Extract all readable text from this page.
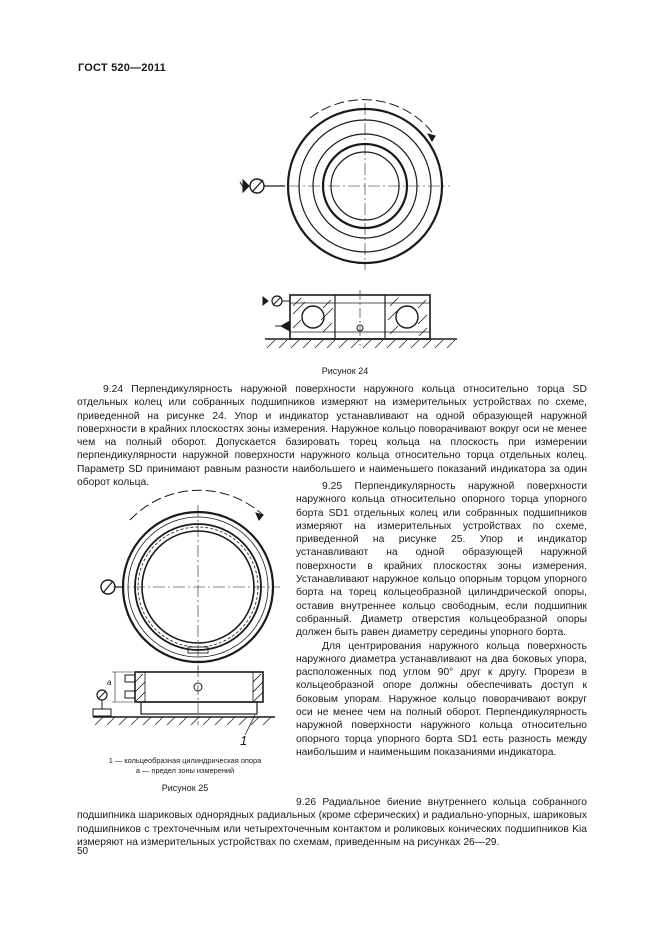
ГОСТ 520—2011
Рисунок 24
9.24 Перпендикулярность наружной поверхности наружного кольца относительно торца SD отдельных колец или собранных подшипников измеряют на измерительных устройствах по схеме, приведенной на рисунке 24. Упор и индикатор устанавливают на одной образующей наружной поверхности в крайних плоскостях зоны измерения. Наружное кольцо поворачивают вокруг оси не менее чем на полный оборот. Допускается базировать торец кольца на плоскость при измерении перпендикулярности наружной поверхности наружного кольца относительно торца отдельных колец. Параметр SD принимают равным разности наибольшего и наименьшего показаний индикатора за один оборот кольца.
a
1
1 — кольцеобразная цилиндрическая опора
a — предел зоны измерений
Рисунок 25

9.25 Перпендикулярность наружной поверхности наружного кольца относительно опорного торца упорного борта SD1 отдельных колец или собранных подшипников измеряют на измерительных устройствах по схеме, приведенной на рисунке 25. Упор и индикатор устанавливают на одной образующей наружной поверхности в крайних плоскостях зоны измерения. Устанавливают наружное кольцо опорным торцом упорного борта на торец кольцеобразной цилиндрической опоры, оставив внутреннее кольцо свободным, если подшипник собранный. Диаметр отверстия кольцеобразной опоры должен быть равен диаметру середины упорного борта.

Для центрирования наружного кольца поверхность наружного диаметра устанавливают на два боковых упора, расположенных под углом 90° друг к другу. Прорези в кольцеобразной опоре должны обеспечивать доступ к боковым упорам. Наружное кольцо поворачивают вокруг оси не менее чем на полный оборот. Перпендикулярность наружной поверхности наружного кольца относительно опорного торца упорного борта SD1 есть разность между наибольшим и наименьшим показаниями индикатора.

9.26 Радиальное биение внутреннего кольца собранного подшипника шариковых однорядных радиальных (кроме сферических) и радиально-упорных, шариковых подшипников с трехточечным или четырехточечным контактом и роликовых конических подшипников Kia измеряют на измерительных устройствах по схемам, приведенным на рисунках 26—29.
50
